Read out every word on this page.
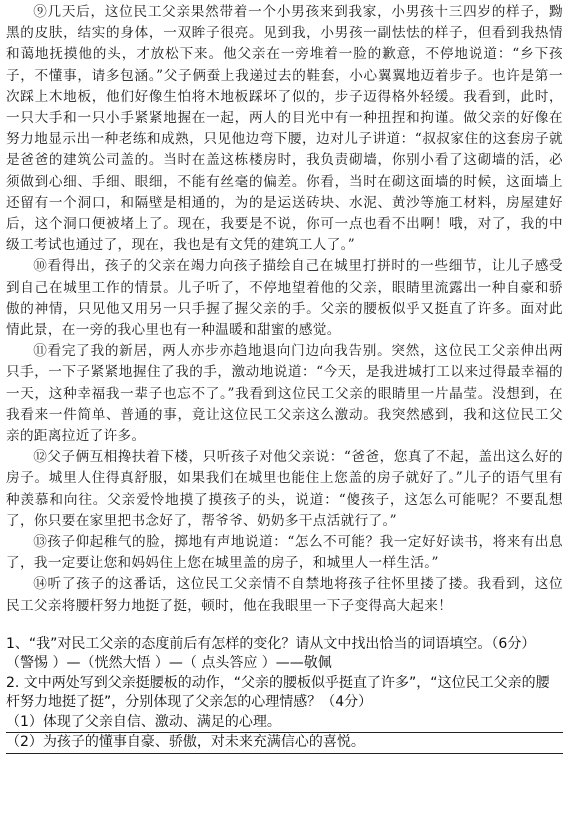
⑨几天后，这位民工父亲果然带着一个小男孩来到我家，小男孩十三四岁的样子，黝黑的皮肤，结实的身体，一双眸子很亮。见到我，小男孩一副怯怯的样子，但看到我热情和蔼地抚摸他的头，才放松下来。他父亲在一旁堆着一脸的歉意，不停地说道：“乡下孩子，不懂事，请多包涵。”父子俩蚕上我递过去的鞋套，小心翼翼地迈着步子。也许是第一次踩上木地板，他们好像生怕将木地板踩坏了似的，步子迈得格外轻缓。我看到，此时，一只大手和一只小手紧紧地握在一起，两人的目光中有一种扭捏和拘谨。做父亲的好像在努力地显示出一种老练和成熟，只见他边弯下腰，边对儿子讲道：“叔叔家住的这套房子就是爸爸的建筑公司盖的。当时在盖这栋楼房时，我负责砌墙，你别小看了这砌墙的活，必须做到心细、手细、眼细，不能有丝毫的偏差。你看，当时在砌这面墙的时候，这面墙上还留有一个洞口，和隔壁是相通的，为的是运送砖块、水泥、黄沙等施工材料，房屋建好后，这个洞口便被堵上了。现在，我要是不说，你可一点也看不出啊！哦，对了，我的中级工考试也通过了，现在，我也是有文凭的建筑工人了。”

⑩看得出，孩子的父亲在竭力向孩子描绘自己在城里打拼时的一些细节，让儿子感受到自己在城里工作的情景。儿子听了，不停地望着他的父亲，眼睛里流露出一种自豪和骄傲的神情，只见他又用另一只手握了握父亲的手。父亲的腰板似乎又挺直了许多。面对此情此景，在一旁的我心里也有一种温暖和甜蜜的感觉。

⑪看完了我的新居，两人亦步亦趋地退向门边向我告别。突然，这位民工父亲伸出两只手，一下子紧紧地握住了我的手，激动地说道：“今天，是我进城打工以来过得最幸福的一天，这种幸福我一辈子也忘不了。”我看到这位民工父亲的眼睛里一片晶莹。没想到，在我看来一件简单、普通的事，竟让这位民工父亲这么激动。我突然感到，我和这位民工父亲的距离拉近了许多。

⑫父子俩互相搀扶着下楼，只听孩子对他父亲说：“爸爸，您真了不起，盖出这么好的房子。城里人住得真舒服，如果我们在城里也能住上您盖的房子就好了。”儿子的语气里有种羡慕和向往。父亲爱怜地摸了摸孩子的头，说道：“傻孩子，这怎么可能呢？不要乱想了，你只要在家里把书念好了，帮爷爷、奶奶多干点活就行了。”

⑬孩子仰起稚气的脸，掷地有声地说道：“怎么不可能？我一定好好读书，将来有出息了，我一定要让您和妈妈住上您在城里盖的房子，和城里人一样生活。”

⑭听了孩子的这番话，这位民工父亲情不自禁地将孩子往怀里搂了搂。我看到，这位民工父亲将腰杆努力地挺了挺，顿时，他在我眼里一下子变得高大起来！

1、“我”对民工父亲的态度前后有怎样的变化？请从文中找出恰当的词语填空。（6分）

（警惕 ）—（恍然大悟 ）—（ 点头答应 ）——敬佩

2. 文中两处写到父亲挺腰板的动作，“父亲的腰板似乎挺直了许多”，“这位民工父亲的腰杆努力地挺了挺”，分别体现了父亲怎的心理情感？（4分）

（1）体现了父亲自信、激动、满足的心理。

（2）为孩子的懂事自豪、骄傲，对未来充满信心的喜悦。
